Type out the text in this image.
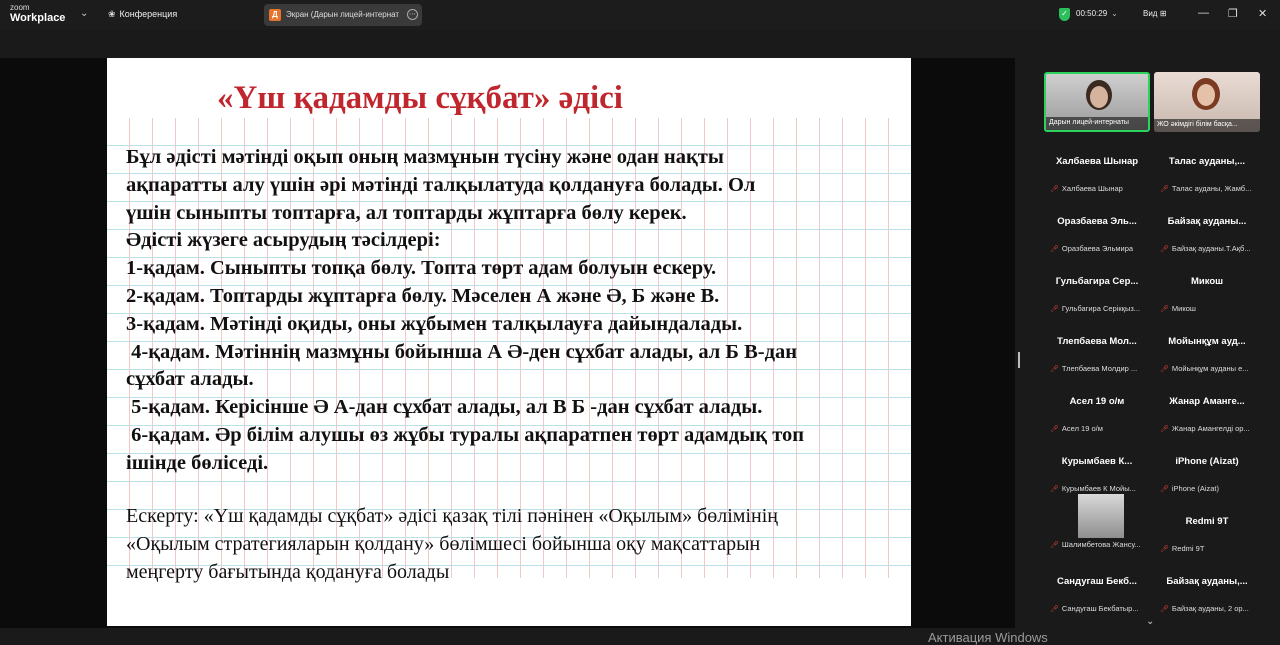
zoom
Workplace ⌄ ❀ Конференция	Д	Экран (Дарын лицей-интернат	⋯	✓ 00:50:29 ⌄	Вид ⊞	— ❐ ✕
«Үш қадамды сұқбат» әдісі

Бұл әдісті мәтінді оқып оның мазмұнын түсіну және одан нақты

ақпаратты алу үшін әрі мәтінді талқылатуда қолдануға болады. Ол

үшін сыныпты топтарға, ал топтарды жұптарға бөлу керек.

Әдісті жүзеге асырудың тәсілдері:

1-қадам. Сыныпты топқа бөлу. Топта төрт адам болуын ескеру.

2-қадам. Топтарды жұптарға бөлу. Мәселен А және Ә, Б және В.

3-қадам. Мәтінді оқиды, оны жұбымен талқылауға дайындалады.

4-қадам. Мәтіннің мазмұны бойынша А Ә-ден сұхбат алады, ал Б В-дан

сұхбат алады.

5-қадам. Керісінше Ә А-дан сұхбат алады, ал В Б -дан сұхбат алады.

6-қадам. Әр білім алушы өз жұбы туралы ақпаратпен төрт адамдық топ

ішінде бөліседі.

Ескерту: «Үш қадамды сұқбат» әдісі қазақ тілі пәнінен «Оқылым» бөлімінің

«Оқылым стратегияларын қолдану» бөлімшесі бойынша оқу мақсаттарын

меңгерту бағытында қодануға болады

Дарын лицей-интернаты	ЖО әкімдігі білім басқа...
Халбаева Шынар
🎤︎ Халбаева Шынар
Талас ауданы,...
🎤︎ Талас ауданы, Жамб...
Оразбаева Эль...
🎤︎ Оразбаева Эльмира
Байзақ ауданы...
🎤︎ Байзақ ауданы.Т.Ақб...
Гульбагира Сер...
🎤︎ Гульбагира Серікқыз...
Микош
🎤︎ Микош
Тлепбаева Мол...
🎤︎ Тлепбаева Молдир ...
Мойынқұм ауд...
🎤︎ Мойынқұм ауданы е...
Асел 19 о/м
🎤︎ Асел 19 о/м
Жанар Аманге...
🎤︎ Жанар Амангелді ор...
Курымбаев К...
🎤︎ Курымбаев К Мойы...
iPhone (Aizat)
🎤︎ iPhone (Aizat)
🎤︎ Шалимбетова Жансу...
Redmi 9T
🎤︎ Redmi 9T
Сандугаш Бекб...
🎤︎ Сандугаш Бекбатыр...
Байзақ ауданы,...
🎤︎ Байзақ ауданы, 2 ор...
⌄
Активация Windows
